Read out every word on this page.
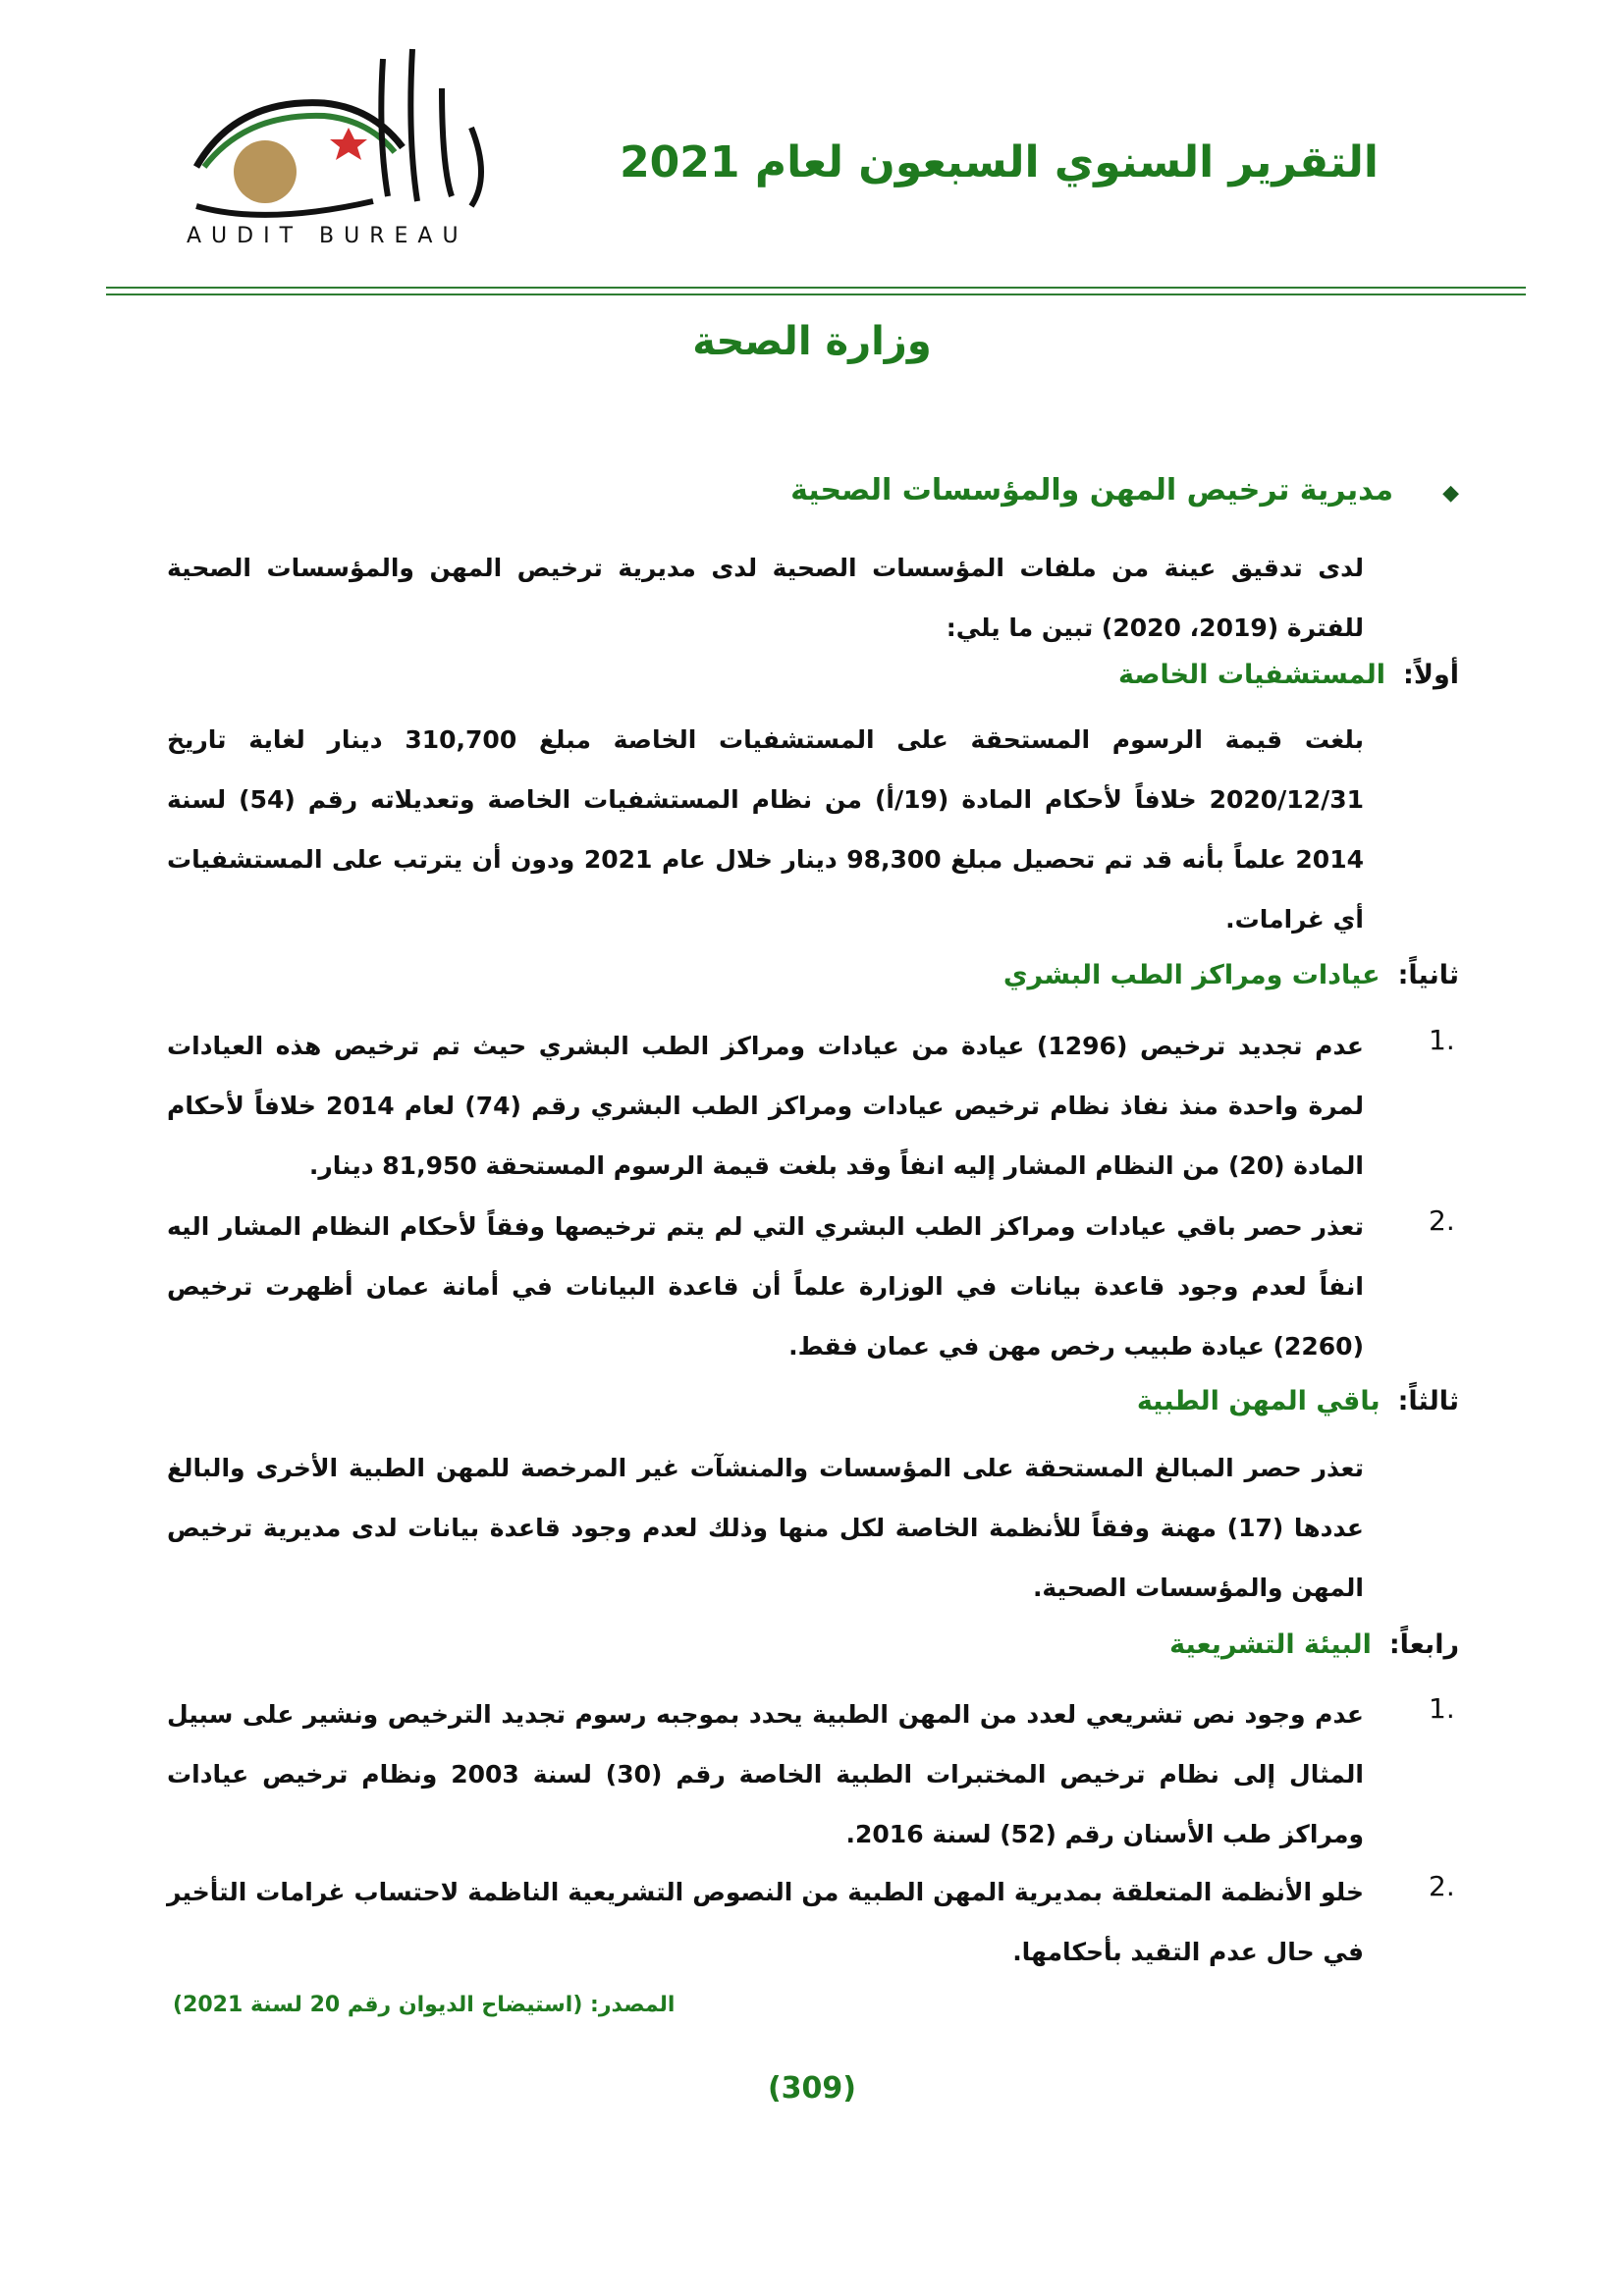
AUDIT BUREAU
التقرير السنوي السبعون لعام 2021
وزارة الصحة
◆مديرية ترخيص المهن والمؤسسات الصحية
لدى تدقيق عينة من ملفات المؤسسات الصحية لدى مديرية ترخيص المهن والمؤسسات الصحية للفترة (2019، 2020) تبين ما يلي:
أولاً:المستشفيات الخاصة
بلغت قيمة الرسوم المستحقة على المستشفيات الخاصة مبلغ 310,700 دينار لغاية تاريخ 2020/12/31 خلافاً لأحكام المادة (19/أ) من نظام المستشفيات الخاصة وتعديلاته رقم (54) لسنة 2014 علماً بأنه قد تم تحصيل مبلغ 98,300 دينار خلال عام 2021 ودون أن يترتب على المستشفيات أي غرامات.
ثانياً:عيادات ومراكز الطب البشري
1.
عدم تجديد ترخيص (1296) عيادة من عيادات ومراكز الطب البشري حيث تم ترخيص هذه العيادات لمرة واحدة منذ نفاذ نظام ترخيص عيادات ومراكز الطب البشري رقم (74) لعام 2014 خلافاً لأحكام المادة (20) من النظام المشار إليه انفاً وقد بلغت قيمة الرسوم المستحقة 81,950 دينار.
2.
تعذر حصر باقي عيادات ومراكز الطب البشري التي لم يتم ترخيصها وفقاً لأحكام النظام المشار اليه انفاً لعدم وجود قاعدة بيانات في الوزارة علماً أن قاعدة البيانات في أمانة عمان أظهرت ترخيص (2260) عيادة طبيب رخص مهن في عمان فقط.
ثالثاً:باقي المهن الطبية
تعذر حصر المبالغ المستحقة على المؤسسات والمنشآت غير المرخصة للمهن الطبية الأخرى والبالغ عددها (17) مهنة وفقاً للأنظمة الخاصة لكل منها وذلك لعدم وجود قاعدة بيانات لدى مديرية ترخيص المهن والمؤسسات الصحية.
رابعاً:البيئة التشريعية
1.
عدم وجود نص تشريعي لعدد من المهن الطبية يحدد بموجبه رسوم تجديد الترخيص ونشير على سبيل المثال إلى نظام ترخيص المختبرات الطبية الخاصة رقم (30) لسنة 2003 ونظام ترخيص عيادات ومراكز طب الأسنان رقم (52) لسنة 2016.
2.
خلو الأنظمة المتعلقة بمديرية المهن الطبية من النصوص التشريعية الناظمة لاحتساب غرامات التأخير في حال عدم التقيد بأحكامها.
المصدر: (استيضاح الديوان رقم 20 لسنة 2021)
(309)
